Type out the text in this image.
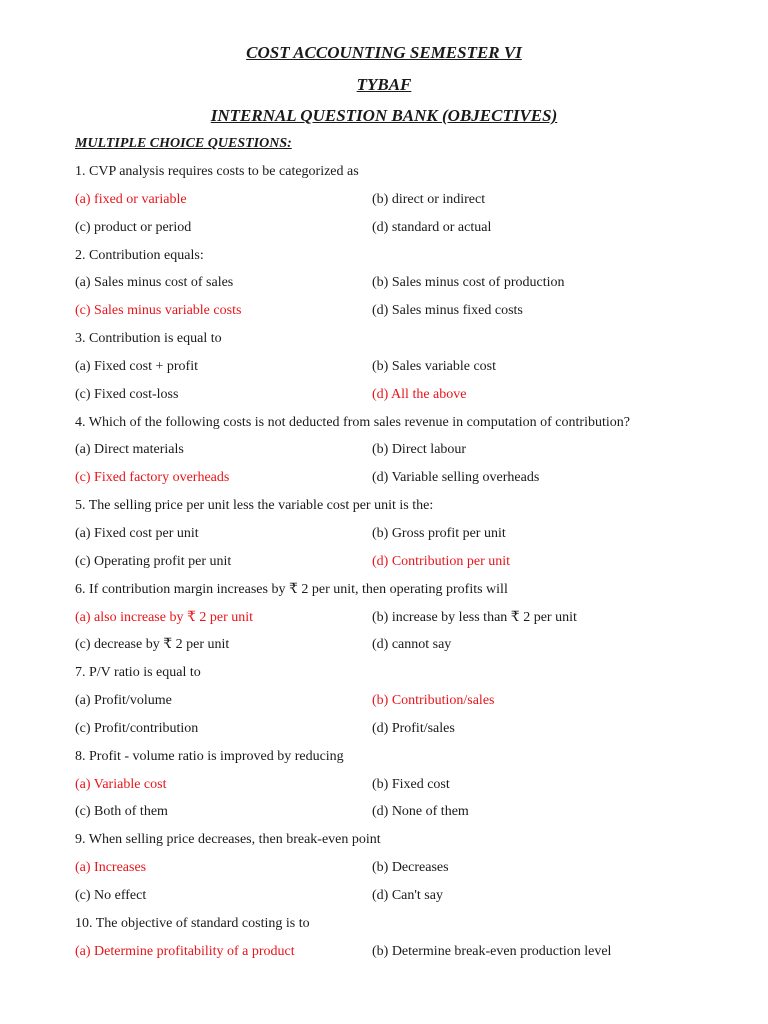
COST ACCOUNTING SEMESTER VI
TYBAF
INTERNAL QUESTION BANK (OBJECTIVES)
MULTIPLE CHOICE QUESTIONS:
1. CVP analysis requires costs to be categorized as
(a) fixed or variable	(b) direct or indirect
(c) product or period	(d) standard or actual
2. Contribution equals:
(a) Sales minus cost of sales	(b) Sales minus cost of production
(c) Sales minus variable costs	(d) Sales minus fixed costs
3. Contribution is equal to
(a) Fixed cost + profit	(b) Sales variable cost
(c) Fixed cost-loss	(d) All the above
4. Which of the following costs is not deducted from sales revenue in computation of contribution?
(a) Direct materials	(b) Direct labour
(c) Fixed factory overheads	(d) Variable selling overheads
5. The selling price per unit less the variable cost per unit is the:
(a) Fixed cost per unit	(b) Gross profit per unit
(c) Operating profit per unit	(d) Contribution per unit
6. If contribution margin increases by ₹ 2 per unit, then operating profits will
(a) also increase by ₹ 2 per unit	(b) increase by less than ₹ 2 per unit
(c) decrease by ₹ 2 per unit	(d) cannot say
7. P/V ratio is equal to
(a) Profit/volume	(b) Contribution/sales
(c) Profit/contribution	(d) Profit/sales
8. Profit - volume ratio is improved by reducing
(a) Variable cost	(b) Fixed cost
(c) Both of them	(d) None of them
9. When selling price decreases, then break-even point
(a) Increases	(b) Decreases
(c) No effect	(d) Can't say
10. The objective of standard costing is to
(a) Determine profitability of a product	(b) Determine break-even production level
